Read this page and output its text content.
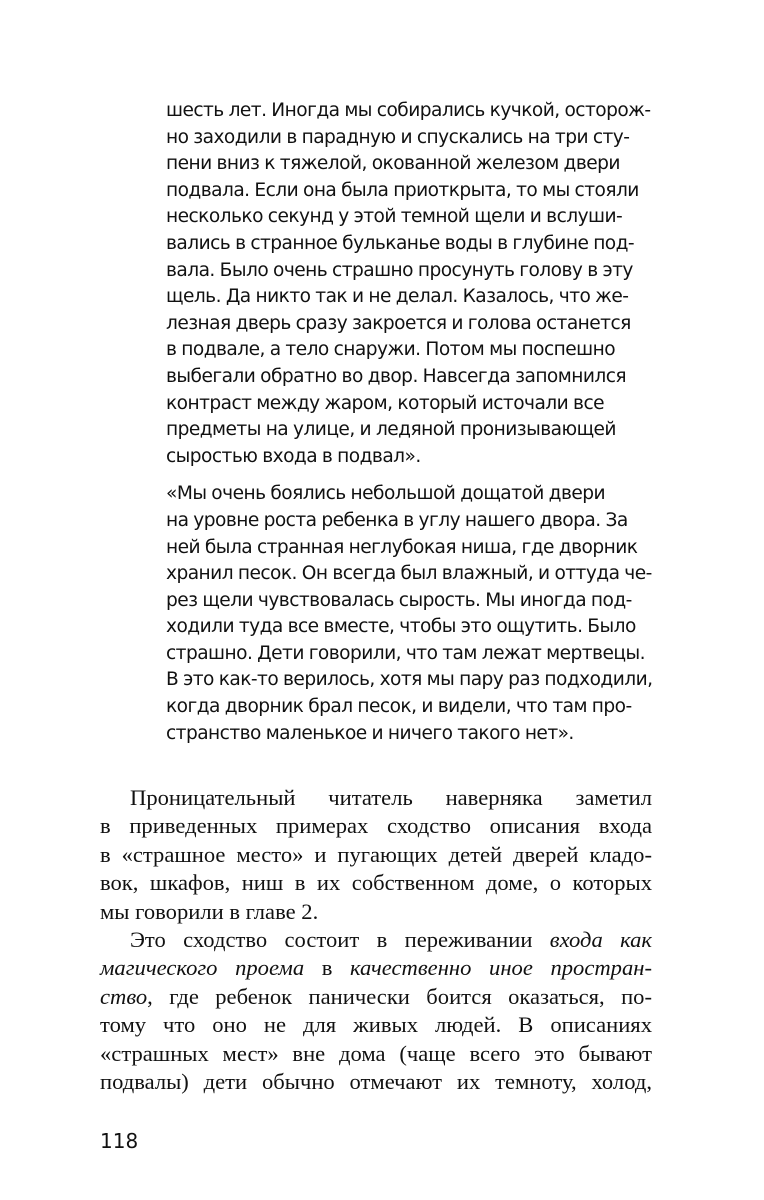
шесть лет. Иногда мы собирались кучкой, осторож-
но заходили в парадную и спускались на три сту-
пени вниз к тяжелой, окованной железом двери
подвала. Если она была приоткрыта, то мы стояли
несколько секунд у этой темной щели и вслуши-
вались в странное бульканье воды в глубине под-
вала. Было очень страшно просунуть голову в эту
щель. Да никто так и не делал. Казалось, что же-
лезная дверь сразу закроется и голова останется
в подвале, а тело снаружи. Потом мы поспешно
выбегали обратно во двор. Навсегда запомнился
контраст между жаром, который источали все
предметы на улице, и ледяной пронизывающей
сыростью входа в подвал».
«Мы очень боялись небольшой дощатой двери
на уровне роста ребенка в углу нашего двора. За
ней была странная неглубокая ниша, где дворник
хранил песок. Он всегда был влажный, и оттуда че-
рез щели чувствовалась сырость. Мы иногда под-
ходили туда все вместе, чтобы это ощутить. Было
страшно. Дети говорили, что там лежат мертвецы.
В это как-то верилось, хотя мы пару раз подходили,
когда дворник брал песок, и видели, что там про-
странство маленькое и ничего такого нет».
Проницательный читатель наверняка заметил
в приведенных примерах сходство описания входа
в «страшное место» и пугающих детей дверей кладо-
вок, шкафов, ниш в их собственном доме, о которых
мы говорили в главе 2.
Это сходство состоит в переживании входа как
магического проема в качественно иное простран-
ство, где ребенок панически боится оказаться, по-
тому что оно не для живых людей. В описаниях
«страшных мест» вне дома (чаще всего это бывают
подвалы) дети обычно отмечают их темноту, холод,
118
